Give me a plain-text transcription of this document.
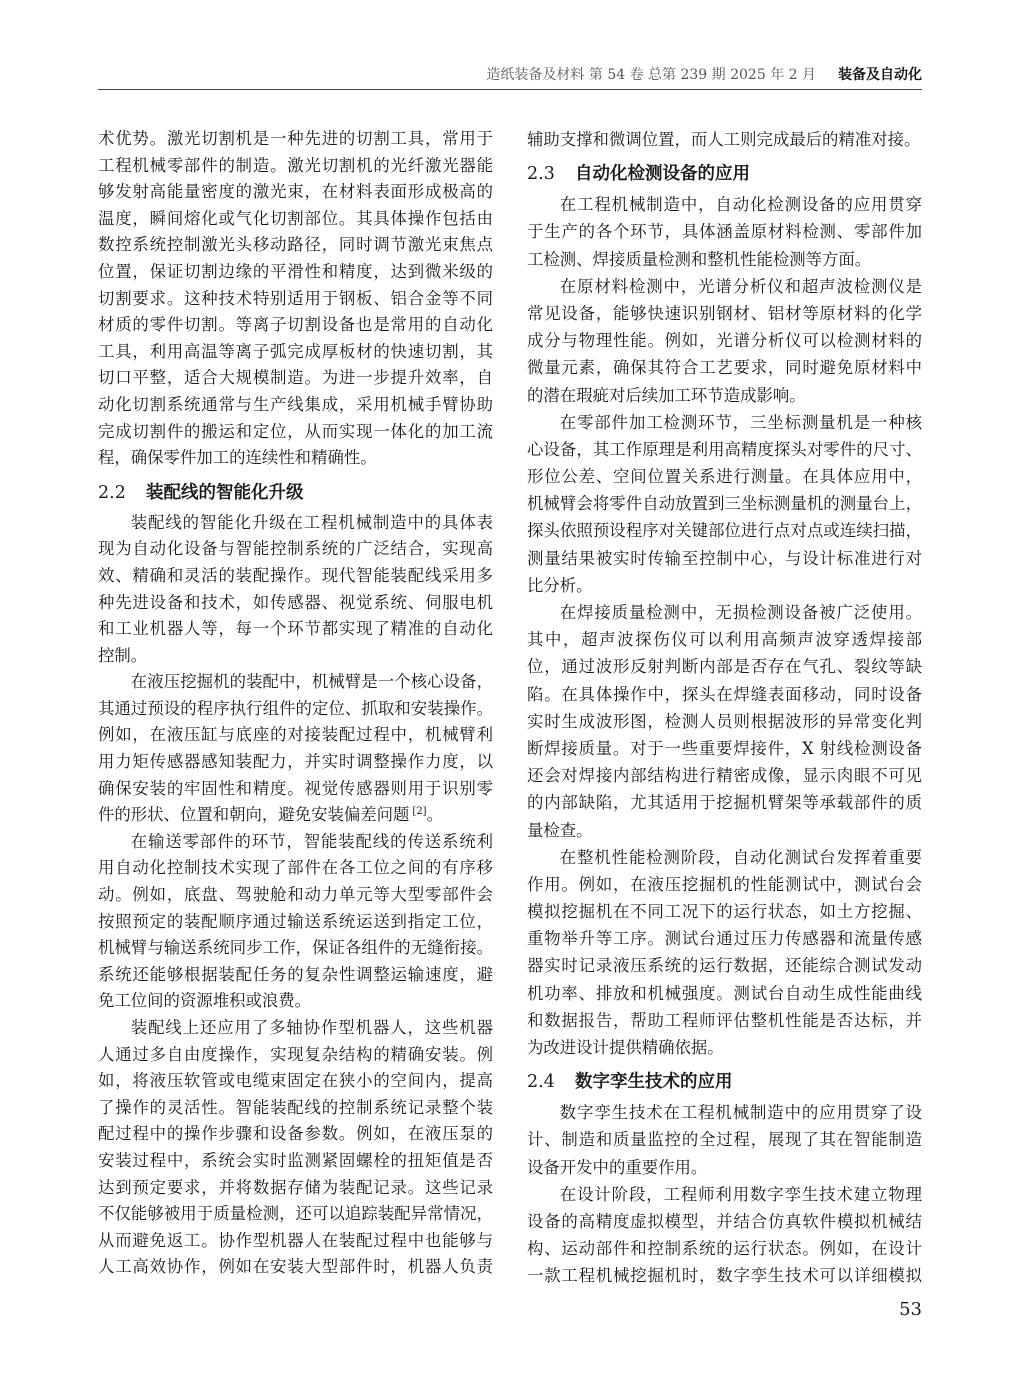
造纸装备及材料 第 54 卷 总第 239 期 2025 年 2 月 装备及自动化
术优势。激光切割机是一种先进的切割工具，常用于
工程机械零部件的制造。激光切割机的光纤激光器能
够发射高能量密度的激光束，在材料表面形成极高的
温度，瞬间熔化或气化切割部位。其具体操作包括由
数控系统控制激光头移动路径，同时调节激光束焦点
位置，保证切割边缘的平滑性和精度，达到微米级的
切割要求。这种技术特别适用于钢板、铝合金等不同
材质的零件切割。等离子切割设备也是常用的自动化
工具，利用高温等离子弧完成厚板材的快速切割，其
切口平整，适合大规模制造。为进一步提升效率，自
动化切割系统通常与生产线集成，采用机械手臂协助
完成切割件的搬运和定位，从而实现一体化的加工流
程，确保零件加工的连续性和精确性。
2.2 装配线的智能化升级
装配线的智能化升级在工程机械制造中的具体表
现为自动化设备与智能控制系统的广泛结合，实现高
效、精确和灵活的装配操作。现代智能装配线采用多
种先进设备和技术，如传感器、视觉系统、伺服电机
和工业机器人等，每一个环节都实现了精准的自动化
控制。
在液压挖掘机的装配中，机械臂是一个核心设备，
其通过预设的程序执行组件的定位、抓取和安装操作。
例如，在液压缸与底座的对接装配过程中，机械臂利
用力矩传感器感知装配力，并实时调整操作力度，以
确保安装的牢固性和精度。视觉传感器则用于识别零
件的形状、位置和朝向，避免安装偏差问题 [2]。
在输送零部件的环节，智能装配线的传送系统利
用自动化控制技术实现了部件在各工位之间的有序移
动。例如，底盘、驾驶舱和动力单元等大型零部件会
按照预定的装配顺序通过输送系统运送到指定工位，
机械臂与输送系统同步工作，保证各组件的无缝衔接。
系统还能够根据装配任务的复杂性调整运输速度，避
免工位间的资源堆积或浪费。
装配线上还应用了多轴协作型机器人，这些机器
人通过多自由度操作，实现复杂结构的精确安装。例
如，将液压软管或电缆束固定在狭小的空间内，提高
了操作的灵活性。智能装配线的控制系统记录整个装
配过程中的操作步骤和设备参数。例如，在液压泵的
安装过程中，系统会实时监测紧固螺栓的扭矩值是否
达到预定要求，并将数据存储为装配记录。这些记录
不仅能够被用于质量检测，还可以追踪装配异常情况，
从而避免返工。协作型机器人在装配过程中也能够与
人工高效协作，例如在安装大型部件时，机器人负责
辅助支撑和微调位置，而人工则完成最后的精准对接。
2.3 自动化检测设备的应用
在工程机械制造中，自动化检测设备的应用贯穿
于生产的各个环节，具体涵盖原材料检测、零部件加
工检测、焊接质量检测和整机性能检测等方面。
在原材料检测中，光谱分析仪和超声波检测仪是
常见设备，能够快速识别钢材、铝材等原材料的化学
成分与物理性能。例如，光谱分析仪可以检测材料的
微量元素，确保其符合工艺要求，同时避免原材料中
的潜在瑕疵对后续加工环节造成影响。
在零部件加工检测环节，三坐标测量机是一种核
心设备，其工作原理是利用高精度探头对零件的尺寸、
形位公差、空间位置关系进行测量。在具体应用中，
机械臂会将零件自动放置到三坐标测量机的测量台上，
探头依照预设程序对关键部位进行点对点或连续扫描，
测量结果被实时传输至控制中心，与设计标准进行对
比分析。
在焊接质量检测中，无损检测设备被广泛使用。
其中，超声波探伤仪可以利用高频声波穿透焊接部
位，通过波形反射判断内部是否存在气孔、裂纹等缺
陷。在具体操作中，探头在焊缝表面移动，同时设备
实时生成波形图，检测人员则根据波形的异常变化判
断焊接质量。对于一些重要焊接件，X 射线检测设备
还会对焊接内部结构进行精密成像，显示肉眼不可见
的内部缺陷，尤其适用于挖掘机臂架等承载部件的质
量检查。
在整机性能检测阶段，自动化测试台发挥着重要
作用。例如，在液压挖掘机的性能测试中，测试台会
模拟挖掘机在不同工况下的运行状态，如土方挖掘、
重物举升等工序。测试台通过压力传感器和流量传感
器实时记录液压系统的运行数据，还能综合测试发动
机功率、排放和机械强度。测试台自动生成性能曲线
和数据报告，帮助工程师评估整机性能是否达标，并
为改进设计提供精确依据。
2.4 数字孪生技术的应用
数字孪生技术在工程机械制造中的应用贯穿了设
计、制造和质量监控的全过程，展现了其在智能制造
设备开发中的重要作用。
在设计阶段，工程师利用数字孪生技术建立物理
设备的高精度虚拟模型，并结合仿真软件模拟机械结
构、运动部件和控制系统的运行状态。例如，在设计
一款工程机械挖掘机时，数字孪生技术可以详细模拟
53
